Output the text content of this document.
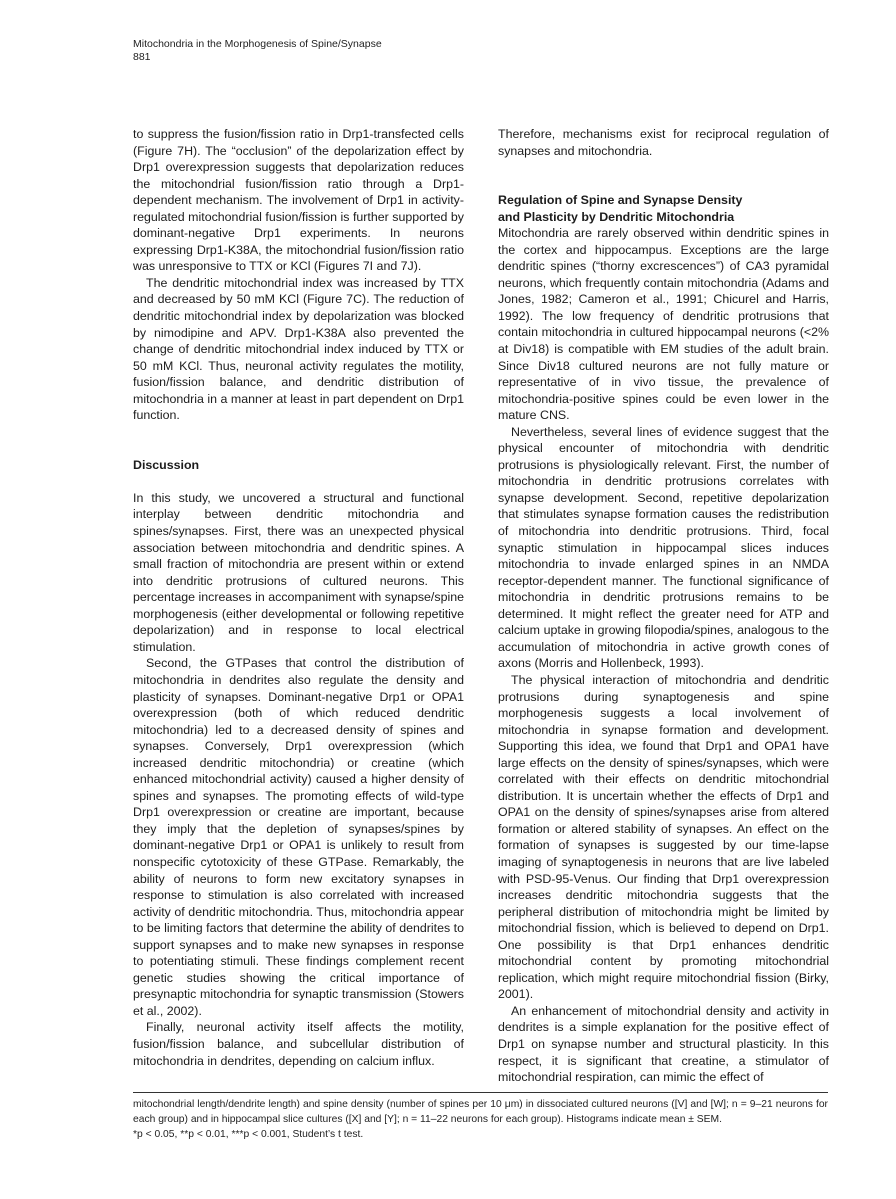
Mitochondria in the Morphogenesis of Spine/Synapse
881

to suppress the fusion/fission ratio in Drp1-transfected cells (Figure 7H). The “occlusion” of the depolarization effect by Drp1 overexpression suggests that depolarization reduces the mitochondrial fusion/fission ratio through a Drp1-dependent mechanism. The involvement of Drp1 in activity-regulated mitochondrial fusion/fission is further supported by dominant-negative Drp1 experiments. In neurons expressing Drp1-K38A, the mitochondrial fusion/fission ratio was unresponsive to TTX or KCl (Figures 7I and 7J).

The dendritic mitochondrial index was increased by TTX and decreased by 50 mM KCl (Figure 7C). The reduction of dendritic mitochondrial index by depolarization was blocked by nimodipine and APV. Drp1-K38A also prevented the change of dendritic mitochondrial index induced by TTX or 50 mM KCl. Thus, neuronal activity regulates the motility, fusion/fission balance, and dendritic distribution of mitochondria in a manner at least in part dependent on Drp1 function.

Discussion

In this study, we uncovered a structural and functional interplay between dendritic mitochondria and spines/synapses. First, there was an unexpected physical association between mitochondria and dendritic spines. A small fraction of mitochondria are present within or extend into dendritic protrusions of cultured neurons. This percentage increases in accompaniment with synapse/spine morphogenesis (either developmental or following repetitive depolarization) and in response to local electrical stimulation.

Second, the GTPases that control the distribution of mitochondria in dendrites also regulate the density and plasticity of synapses. Dominant-negative Drp1 or OPA1 overexpression (both of which reduced dendritic mitochondria) led to a decreased density of spines and synapses. Conversely, Drp1 overexpression (which increased dendritic mitochondria) or creatine (which enhanced mitochondrial activity) caused a higher density of spines and synapses. The promoting effects of wild-type Drp1 overexpression or creatine are important, because they imply that the depletion of synapses/spines by dominant-negative Drp1 or OPA1 is unlikely to result from nonspecific cytotoxicity of these GTPase. Remarkably, the ability of neurons to form new excitatory synapses in response to stimulation is also correlated with increased activity of dendritic mitochondria. Thus, mitochondria appear to be limiting factors that determine the ability of dendrites to support synapses and to make new synapses in response to potentiating stimuli. These findings complement recent genetic studies showing the critical importance of presynaptic mitochondria for synaptic transmission (Stowers et al., 2002).

Finally, neuronal activity itself affects the motility, fusion/fission balance, and subcellular distribution of mitochondria in dendrites, depending on calcium influx.

Therefore, mechanisms exist for reciprocal regulation of synapses and mitochondria.

Regulation of Spine and Synapse Density
and Plasticity by Dendritic Mitochondria

Mitochondria are rarely observed within dendritic spines in the cortex and hippocampus. Exceptions are the large dendritic spines (“thorny excrescences”) of CA3 pyramidal neurons, which frequently contain mitochondria (Adams and Jones, 1982; Cameron et al., 1991; Chicurel and Harris, 1992). The low frequency of dendritic protrusions that contain mitochondria in cultured hippocampal neurons (<2% at Div18) is compatible with EM studies of the adult brain. Since Div18 cultured neurons are not fully mature or representative of in vivo tissue, the prevalence of mitochondria-positive spines could be even lower in the mature CNS.

Nevertheless, several lines of evidence suggest that the physical encounter of mitochondria with dendritic protrusions is physiologically relevant. First, the number of mitochondria in dendritic protrusions correlates with synapse development. Second, repetitive depolarization that stimulates synapse formation causes the redistribution of mitochondria into dendritic protrusions. Third, focal synaptic stimulation in hippocampal slices induces mitochondria to invade enlarged spines in an NMDA receptor-dependent manner. The functional significance of mitochondria in dendritic protrusions remains to be determined. It might reflect the greater need for ATP and calcium uptake in growing filopodia/spines, analogous to the accumulation of mitochondria in active growth cones of axons (Morris and Hollenbeck, 1993).

The physical interaction of mitochondria and dendritic protrusions during synaptogenesis and spine morphogenesis suggests a local involvement of mitochondria in synapse formation and development. Supporting this idea, we found that Drp1 and OPA1 have large effects on the density of spines/synapses, which were correlated with their effects on dendritic mitochondrial distribution. It is uncertain whether the effects of Drp1 and OPA1 on the density of spines/synapses arise from altered formation or altered stability of synapses. An effect on the formation of synapses is suggested by our time-lapse imaging of synaptogenesis in neurons that are live labeled with PSD-95-Venus. Our finding that Drp1 overexpression increases dendritic mitochondria suggests that the peripheral distribution of mitochondria might be limited by mitochondrial fission, which is believed to depend on Drp1. One possibility is that Drp1 enhances dendritic mitochondrial content by promoting mitochondrial replication, which might require mitochondrial fission (Birky, 2001).

An enhancement of mitochondrial density and activity in dendrites is a simple explanation for the positive effect of Drp1 on synapse number and structural plasticity. In this respect, it is significant that creatine, a stimulator of mitochondrial respiration, can mimic the effect of

mitochondrial length/dendrite length) and spine density (number of spines per 10 μm) in dissociated cultured neurons ([V] and [W]; n = 9–21 neurons for each group) and in hippocampal slice cultures ([X] and [Y]; n = 11–22 neurons for each group). Histograms indicate mean ± SEM.

*p < 0.05, **p < 0.01, ***p < 0.001, Student’s t test.
